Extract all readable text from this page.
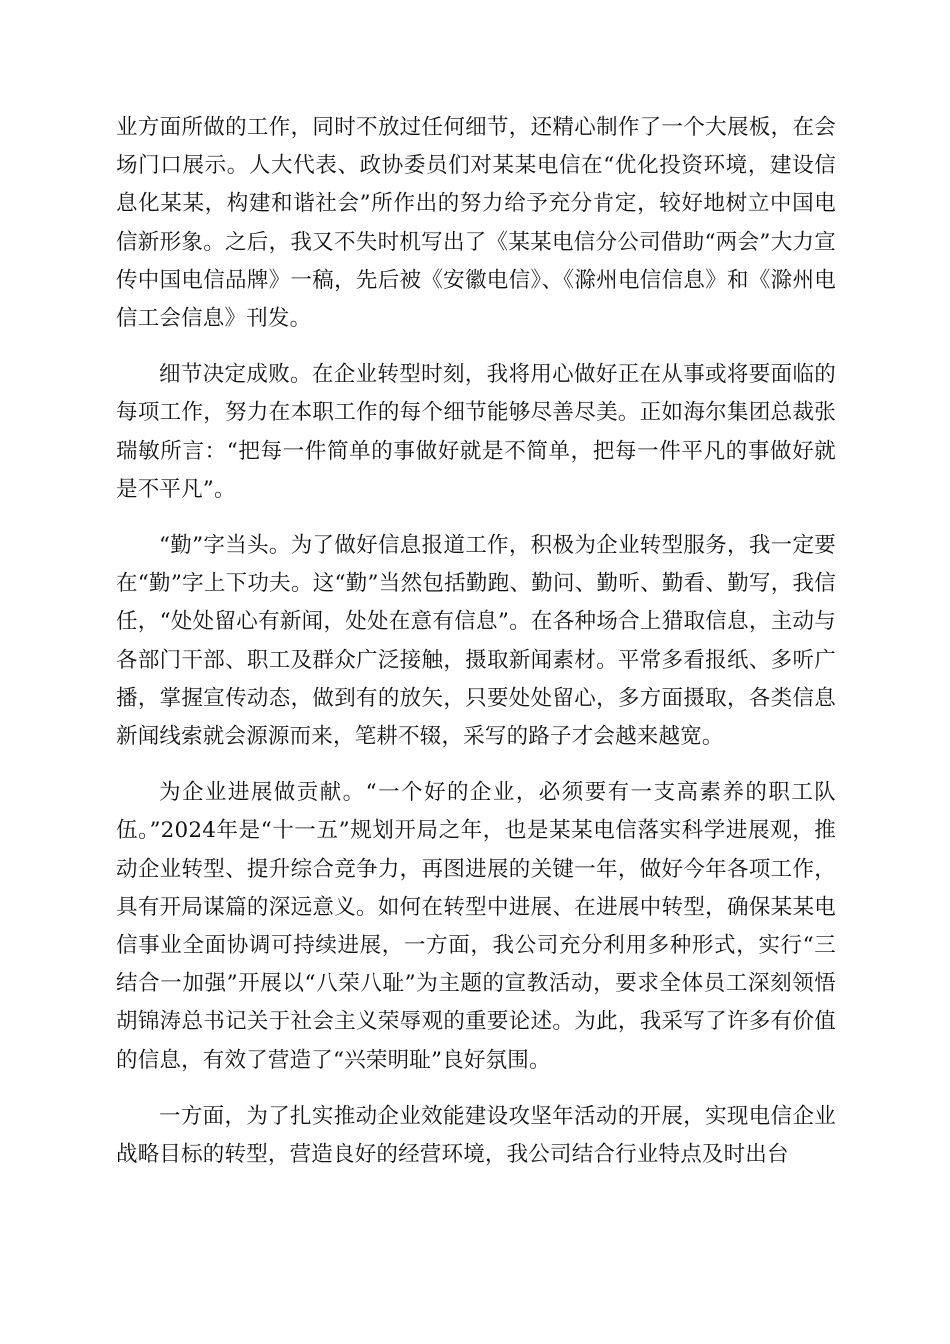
业方面所做的工作，同时不放过任何细节，还精心制作了一个大展板，在会场门口展示。人大代表、政协委员们对某某电信在“优化投资环境，建设信息化某某，构建和谐社会”所作出的努力给予充分肯定，较好地树立中国电信新形象。之后，我又不失时机写出了《某某电信分公司借助“两会”大力宣传中国电信品牌》一稿，先后被《安徽电信》、《滁州电信信息》和《滁州电信工会信息》刊发。

细节决定成败。在企业转型时刻，我将用心做好正在从事或将要面临的每项工作，努力在本职工作的每个细节能够尽善尽美。正如海尔集团总裁张瑞敏所言：“把每一件简单的事做好就是不简单，把每一件平凡的事做好就是不平凡”。

“勤”字当头。为了做好信息报道工作，积极为企业转型服务，我一定要在“勤”字上下功夫。这“勤”当然包括勤跑、勤问、勤听、勤看、勤写，我信任，“处处留心有新闻，处处在意有信息”。在各种场合上猎取信息，主动与各部门干部、职工及群众广泛接触，摄取新闻素材。平常多看报纸、多听广播，掌握宣传动态，做到有的放矢，只要处处留心，多方面摄取，各类信息新闻线索就会源源而来，笔耕不辍，采写的路子才会越来越宽。

为企业进展做贡献。“一个好的企业，必须要有一支高素养的职工队伍。”2024年是“十一五”规划开局之年，也是某某电信落实科学进展观，推动企业转型、提升综合竞争力，再图进展的关键一年，做好今年各项工作，具有开局谋篇的深远意义。如何在转型中进展、在进展中转型，确保某某电信事业全面协调可持续进展，一方面，我公司充分利用多种形式，实行“三结合一加强”开展以“八荣八耻”为主题的宣教活动，要求全体员工深刻领悟胡锦涛总书记关于社会主义荣辱观的重要论述。为此，我采写了许多有价值的信息，有效了营造了“兴荣明耻”良好氛围。

一方面，为了扎实推动企业效能建设攻坚年活动的开展，实现电信企业战略目标的转型，营造良好的经营环境，我公司结合行业特点及时出台
